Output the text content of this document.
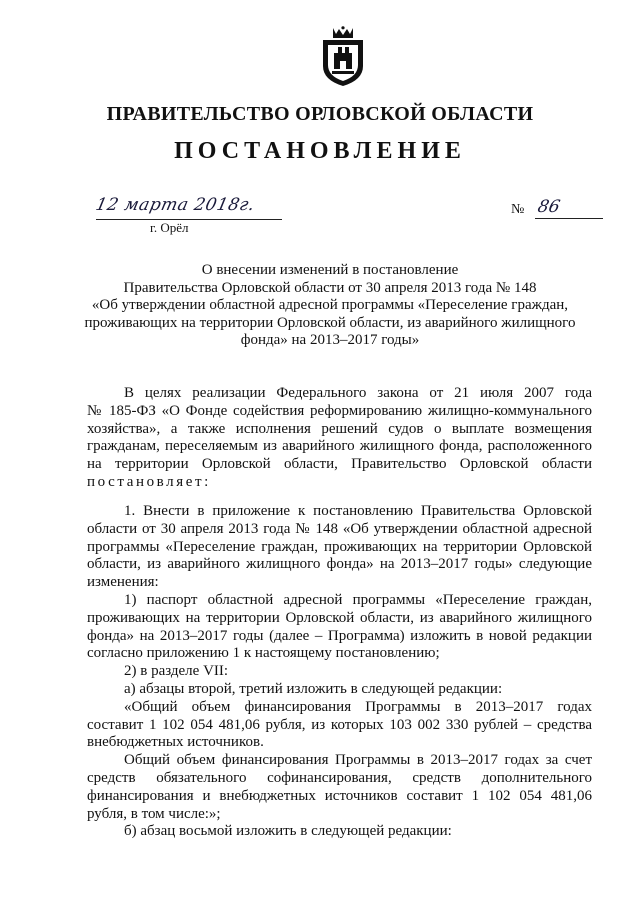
ПРАВИТЕЛЬСТВО ОРЛОВСКОЙ ОБЛАСТИ
ПОСТАНОВЛЕНИЕ
12 марта 2018г.
г. Орёл
№ 86
О внесении изменений в постановление
Правительства Орловской области от 30 апреля 2013 года № 148
«Об утверждении областной адресной программы «Переселение граждан,
проживающих на территории Орловской области, из аварийного жилищного
фонда» на 2013–2017 годы»
В целях реализации Федерального закона от 21 июля 2007 года
№ 185-ФЗ «О Фонде содействия реформированию жилищно-коммунального
хозяйства», а также исполнения решений судов о выплате возмещения
гражданам, переселяемым из аварийного жилищного фонда, расположенного
на территории Орловской области, Правительство Орловской области
постановляет:
1. Внести в приложение к постановлению Правительства Орловской
области от 30 апреля 2013 года № 148 «Об утверждении областной адресной
программы «Переселение граждан, проживающих на территории Орловской
области, из аварийного жилищного фонда» на 2013–2017 годы» следующие
изменения:
1) паспорт областной адресной программы «Переселение граждан,
проживающих на территории Орловской области, из аварийного жилищного
фонда» на 2013–2017 годы (далее – Программа) изложить в новой редакции
согласно приложению 1 к настоящему постановлению;
2) в разделе VII:
а) абзацы второй, третий изложить в следующей редакции:
«Общий объем финансирования Программы в 2013–2017 годах
составит 1 102 054 481,06 рубля, из которых 103 002 330 рублей – средства
внебюджетных источников.
Общий объем финансирования Программы в 2013–2017 годах за счет
средств обязательного софинансирования, средств дополнительного
финансирования и внебюджетных источников составит 1 102 054 481,06
рубля, в том числе:»;
б) абзац восьмой изложить в следующей редакции:
